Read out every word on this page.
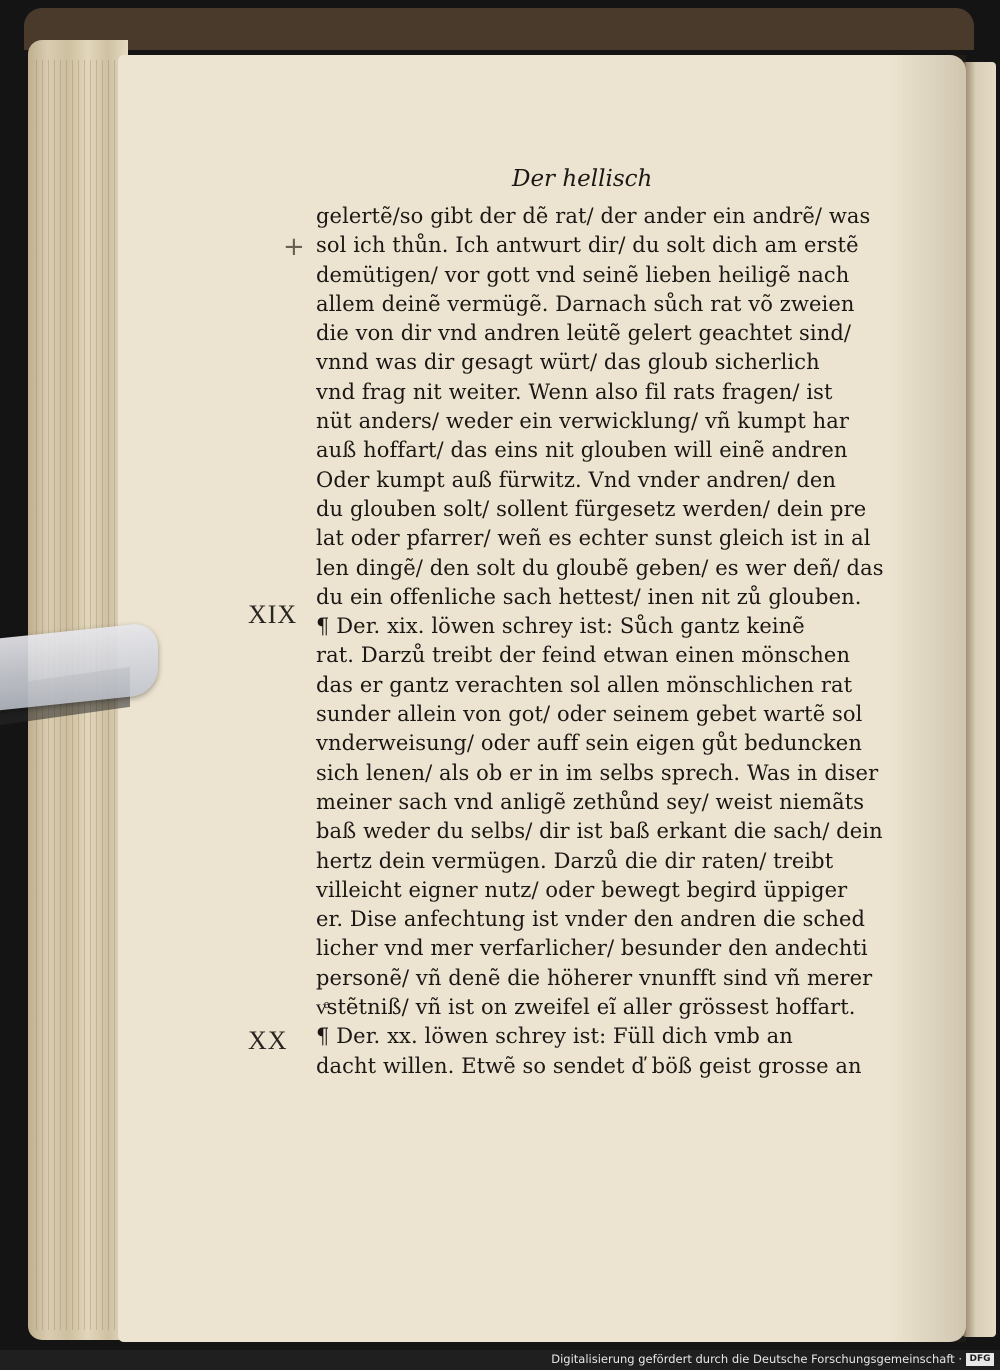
Der hellisch
+
XIX
XX
gelertẽ/so gibt der dẽ rat/ der ander ein andrẽ/ was
sol ich thůn. Ich antwurt dir/ du solt dich am erstẽ
demütigen/ vor gott vnd seinẽ lieben heiligẽ nach
allem deinẽ vermügẽ. Darnach sůch rat võ zweien
die von dir vnd andren leütẽ gelert geachtet sind/
vnnd was dir gesagt würt/ das gloub sicherlich
vnd frag nit weiter. Wenn also fil rats fragen/ ist
nüt anders/ weder ein verwicklung/ vñ kumpt har
auß hoffart/ das eins nit glouben will einẽ andren
Oder kumpt auß fürwitz. Vnd vnder andren/ den
du glouben solt/ sollent fürgesetz werden/ dein pre
lat oder pfarrer/ weñ es echter sunst gleich ist in al
len dingẽ/ den solt du gloubẽ geben/ es wer deñ/ das
du ein offenliche sach hettest/ inen nit zů glouben.
¶ Der. xix. löwen schrey ist: Sůch gantz keinẽ
rat. Darzů treibt der feind etwan einen mönschen
das er gantz verachten sol allen mönschlichen rat
sunder allein von got/ oder seinem gebet wartẽ sol
vnderweisung/ oder auff sein eigen gůt beduncken
sich lenen/ als ob er in im selbs sprech. Was in diser
meiner sach vnd anligẽ zethůnd sey/ weist niemãts
baß weder du selbs/ dir ist baß erkant die sach/ dein
hertz dein vermügen. Darzů die dir raten/ treibt
villeicht eigner nutz/ oder bewegt begird üppiger
er. Dise anfechtung ist vnder den andren die sched
licher vnd mer verfarlicher/ besunder den andechti
personẽ/ vñ denẽ die höherer vnunfft sind vñ merer
vͤstẽtniß/ vñ ist on zweifel eĩ aller grössest hoffart.
¶ Der. xx. löwen schrey ist: Füll dich vmb an
dacht willen. Etwẽ so sendet ď böß geist grosse an
Digitalisierung gefördert durch die Deutsche Forschungsgemeinschaft · DFG
